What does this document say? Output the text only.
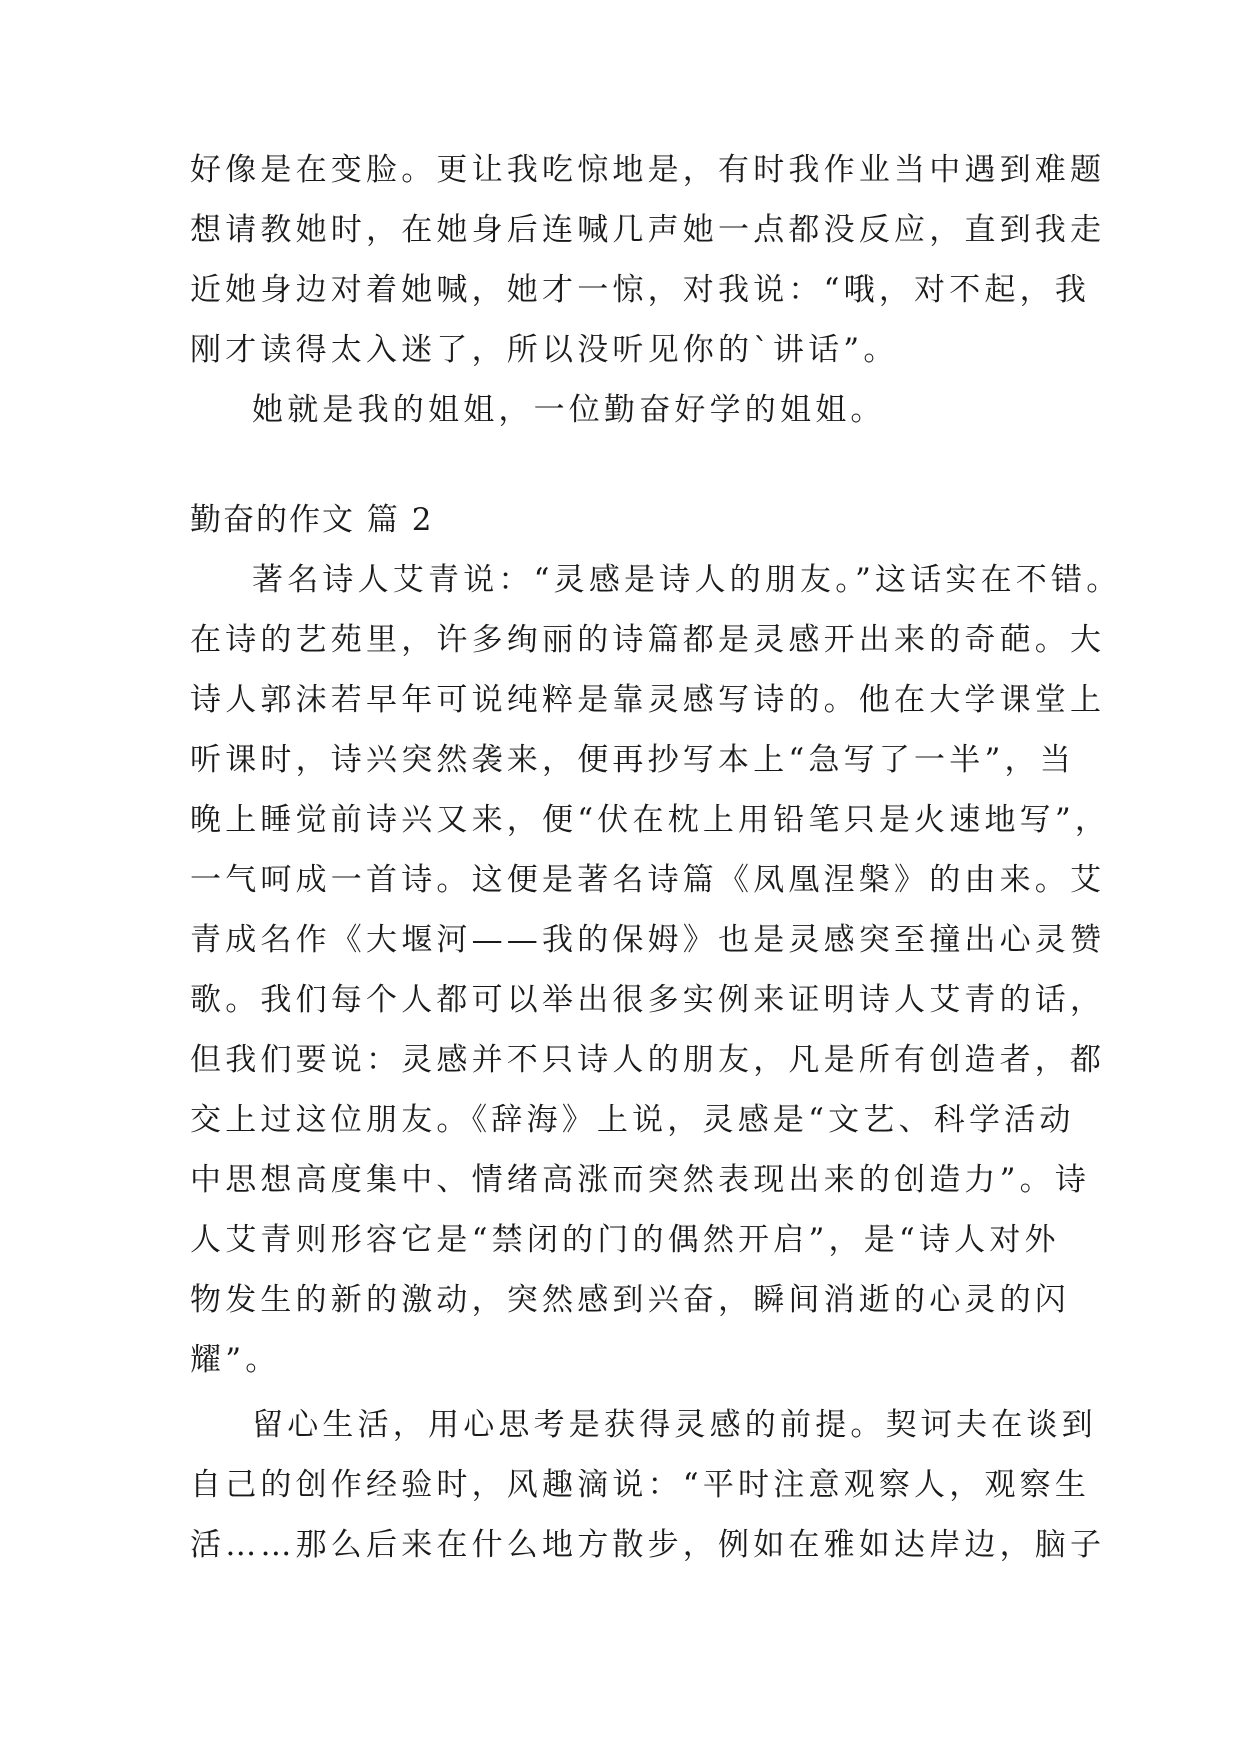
好像是在变脸。更让我吃惊地是，有时我作业当中遇到难题
想请教她时，在她身后连喊几声她一点都没反应，直到我走
近她身边对着她喊，她才一惊，对我说：“哦，对不起，我
刚才读得太入迷了，所以没听见你的`讲话”。
她就是我的姐姐，一位勤奋好学的姐姐。
勤奋的作文 篇 2
著名诗人艾青说：“灵感是诗人的朋友。”这话实在不错。
在诗的艺苑里，许多绚丽的诗篇都是灵感开出来的奇葩。大
诗人郭沫若早年可说纯粹是靠灵感写诗的。他在大学课堂上
听课时，诗兴突然袭来，便再抄写本上“急写了一半”，当
晚上睡觉前诗兴又来，便“伏在枕上用铅笔只是火速地写”，
一气呵成一首诗。这便是著名诗篇《凤凰涅槃》的由来。艾
青成名作《大堰河——我的保姆》也是灵感突至撞出心灵赞
歌。我们每个人都可以举出很多实例来证明诗人艾青的话，
但我们要说：灵感并不只诗人的朋友，凡是所有创造者，都
交上过这位朋友。《辞海》上说，灵感是“文艺、科学活动
中思想高度集中、情绪高涨而突然表现出来的创造力”。诗
人艾青则形容它是“禁闭的门的偶然开启”，是“诗人对外
物发生的新的激动，突然感到兴奋，瞬间消逝的心灵的闪
耀”。
留心生活，用心思考是获得灵感的前提。契诃夫在谈到
自己的创作经验时，风趣滴说：“平时注意观察人，观察生
活……那么后来在什么地方散步，例如在雅如达岸边，脑子
